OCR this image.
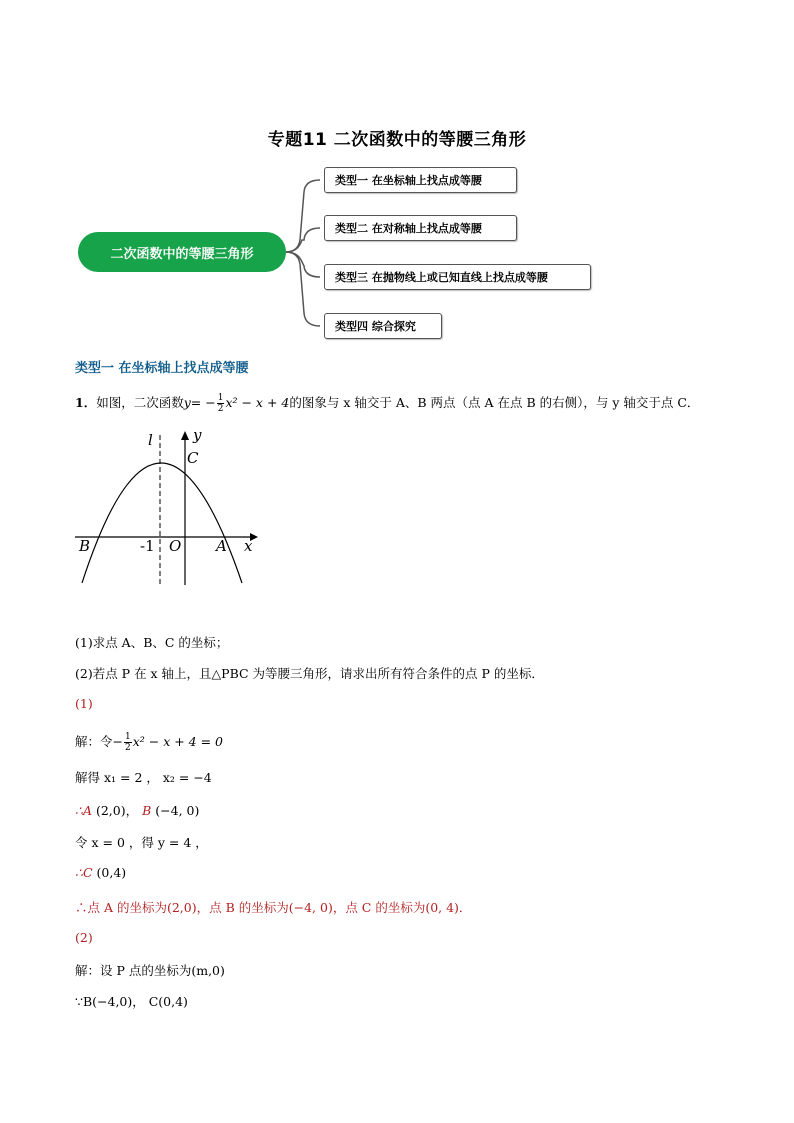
专题11 二次函数中的等腰三角形
二次函数中的等腰三角形
类型一 在坐标轴上找点成等腰
类型二 在对称轴上找点成等腰
类型三 在抛物线上或已知直线上找点成等腰
类型四 综合探究
类型一 在坐标轴上找点成等腰
1．如图，二次函数$y= - \frac{1}{2} x^2 - x + 4$的图象与 x 轴交于 A、B 两点（点 A 在点 B 的右侧），与 y 轴交于点 C．
l	y
C
B	-1 O A x
(1)求点 A、B、C 的坐标；
(2)若点 P 在 x 轴上，且△PBC 为等腰三角形，请求出所有符合条件的点 P 的坐标．
(1)
解：令− $\frac{1}{2} x^2 - x + 4 = 0$
解得 x₁ = 2 ， x₂ = −4
∴A (2,0)， B (−4, 0)
令 x = 0 ，得 y = 4 ，
∴C (0,4)
∴点 A 的坐标为(2,0)，点 B 的坐标为(−4, 0)，点 C 的坐标为(0, 4)．
(2)
解：设 P 点的坐标为(m,0)
∵B(−4,0)， C(0,4)
